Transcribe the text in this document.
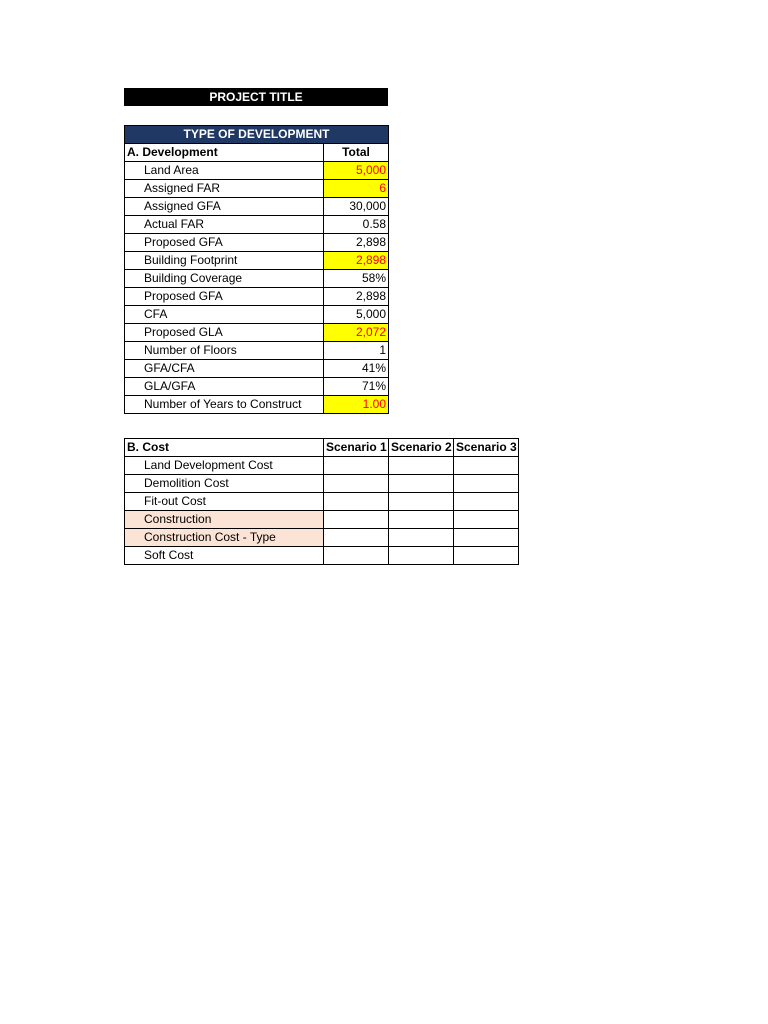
PROJECT TITLE
TYPE OF DEVELOPMENT	
A. Development	Total
Land Area	5,000
Assigned FAR	6
Assigned GFA	30,000
Actual FAR	0.58
Proposed GFA	2,898
Building Footprint	2,898
Building Coverage	58%
Proposed GFA	2,898
CFA	5,000
Proposed GLA	2,072
Number of Floors	1
GFA/CFA	41%
GLA/GFA	71%
Number of Years to Construct	1.00
B. Cost	Scenario 1	Scenario 2	Scenario 3
Land Development Cost			
Demolition Cost			
Fit-out Cost			
Construction			
Construction Cost - Type			
Soft Cost			
